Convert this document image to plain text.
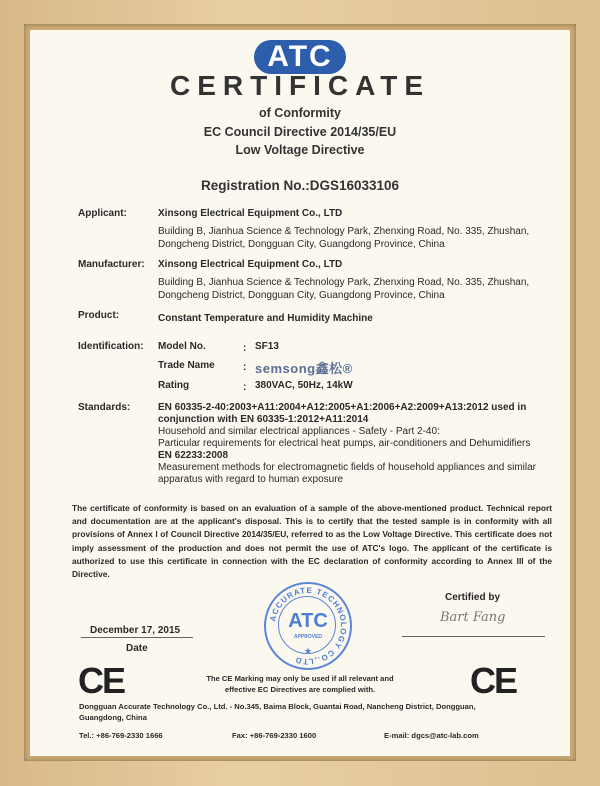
ATC
CERTIFICATE
of Conformity
EC Council Directive 2014/35/EU
Low Voltage Directive
Registration No.:DGS16033106
Applicant:	Xinsong Electrical Equipment Co., LTD
Building B, Jianhua Science & Technology Park, Zhenxing Road, No. 335, Zhushan,
Dongcheng District, Dongguan City, Guangdong Province, China
Manufacturer: Xinsong Electrical Equipment Co., LTD
Building B, Jianhua Science & Technology Park, Zhenxing Road, No. 335, Zhushan,
Dongcheng District, Dongguan City, Guangdong Province, China
Product:	Constant Temperature and Humidity Machine
Identification: Model No.	: SF13
Trade Name	: semsong鑫松®
Rating	: 380VAC, 50Hz, 14kW
Standards:	EN 60335-2-40:2003+A11:2004+A12:2005+A1:2006+A2:2009+A13:2012 used in
conjunction with EN 60335-1:2012+A11:2014
Household and similar electrical appliances - Safety - Part 2-40:
Particular requirements for electrical heat pumps, air-conditioners and Dehumidifiers
EN 62233:2008
Measurement methods for electromagnetic fields of household appliances and similar
apparatus with regard to human exposure
The certificate of conformity is based on an evaluation of a sample of the above-mentioned product. Technical report and documentation are at the applicant's disposal. This is to certify that the tested sample is in conformity with all provisions of Annex I of Council Directive 2014/35/EU, referred to as the Low Voltage Directive. This certificate does not imply assessment of the production and does not permit the use of ATC's logo. The applicant of the certificate is authorized to use this certificate in connection with the EC declaration of conformity according to Annex III of the Directive.
Certified by
Bart Fang
December 17, 2015
Date
ACCURATE TECHNOLOGY CO.,LTD
ATC
APPROVED
★
CE	CE
The CE Marking may only be used if all relevant and
effective EC Directives are complied with.
Dongguan Accurate Technology Co., Ltd. - No.345, Baima Block, Guantai Road, Nancheng District, Dongguan,
Guangdong, China
Tel.: +86-769-2330 1666	Fax: +86-769-2330 1600	E-mail: dgcs@atc-lab.com
